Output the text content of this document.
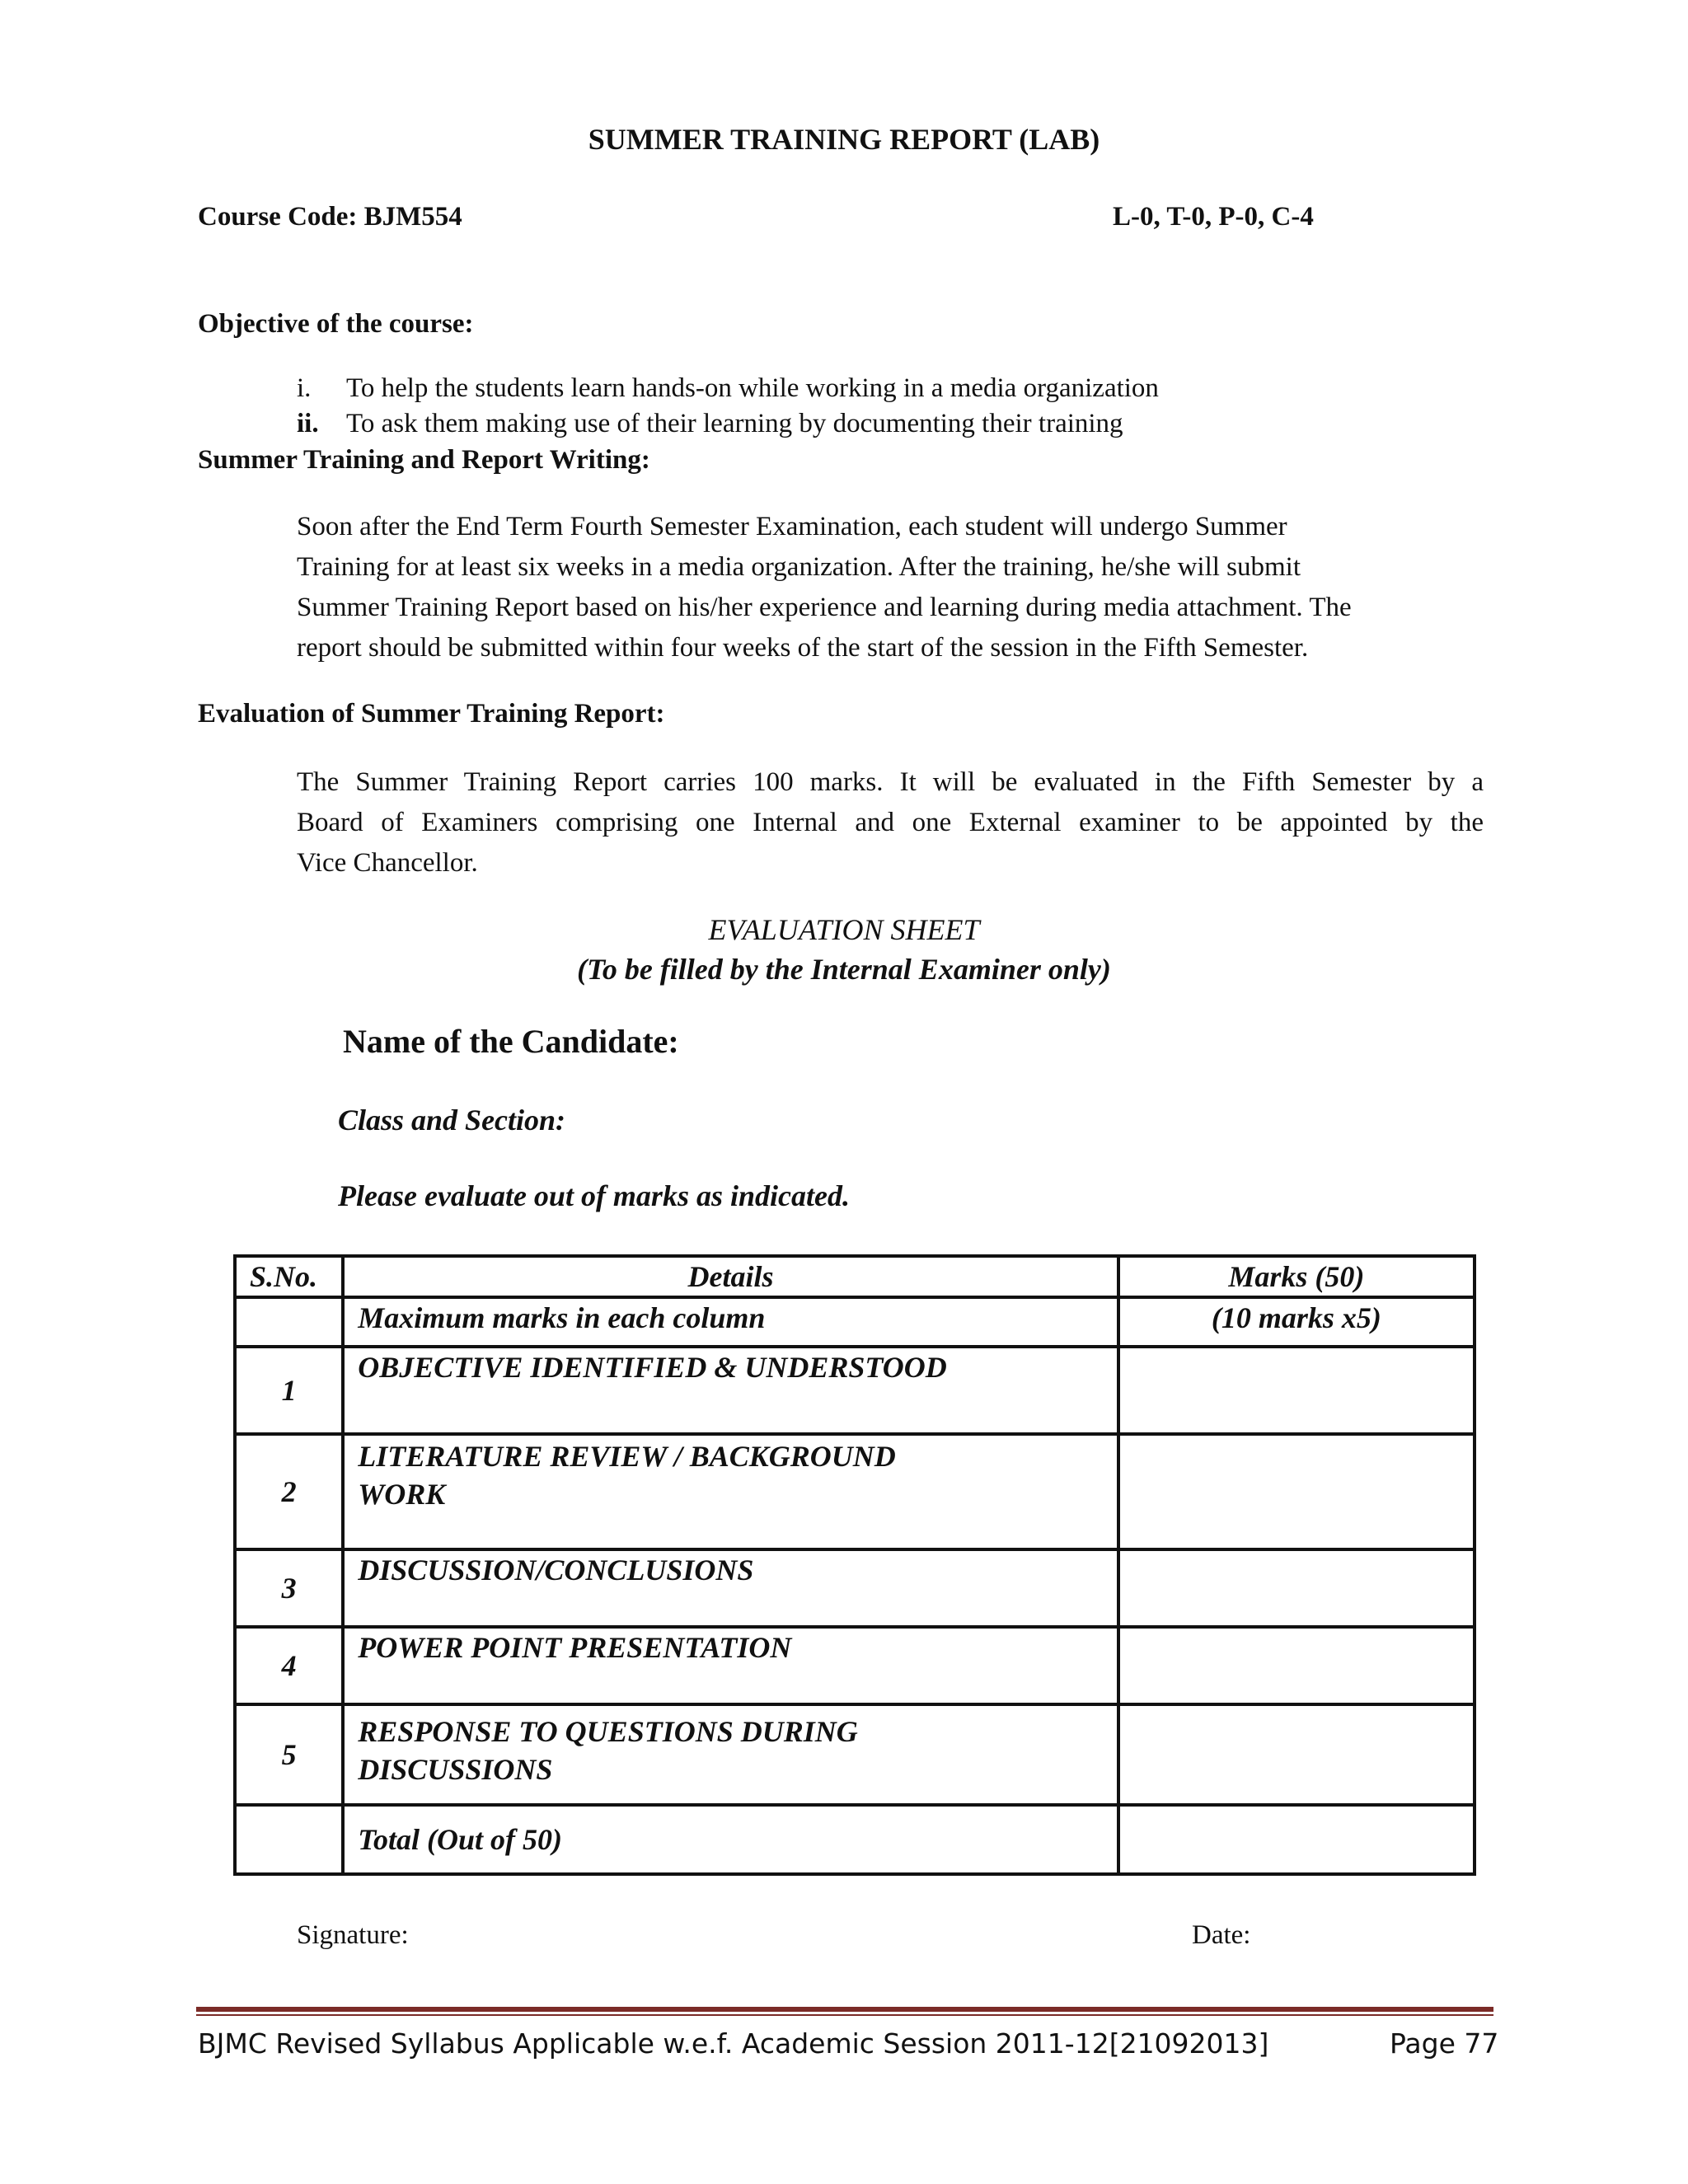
SUMMER TRAINING REPORT (LAB)
Course Code: BJM554	L-0, T-0, P-0, C-4
Objective of the course:
i. To help the students learn hands-on while working in a media organization
ii. To ask them making use of their learning by documenting their training
Summer Training and Report Writing:

Soon after the End Term Fourth Semester Examination, each student will undergo Summer

Training for at least six weeks in a media organization. After the training, he/she will submit

Summer Training Report based on his/her experience and learning during media attachment. The

report should be submitted within four weeks of the start of the session in the Fifth Semester.

Evaluation of Summer Training Report:

The Summer Training Report carries 100 marks. It will be evaluated in the Fifth Semester by a

Board of Examiners comprising one Internal and one External examiner to be appointed by the

Vice Chancellor.

EVALUATION SHEET
(To be filled by the Internal Examiner only)
Name of the Candidate:
Class and Section:
Please evaluate out of marks as indicated.
S.No.	Details	Marks (50)
	Maximum marks in each column	(10 marks x5)
1	OBJECTIVE IDENTIFIED & UNDERSTOOD	

2	LITERATURE REVIEW / BACKGROUND
WORK	

3	DISCUSSION/CONCLUSIONS	

4	POWER POINT PRESENTATION	

5	RESPONSE TO QUESTIONS DURING
DISCUSSIONS	

	Total (Out of 50)	
Signature:	Date:
BJMC Revised Syllabus Applicable w.e.f. Academic Session 2011-12[21092013]	Page 77
